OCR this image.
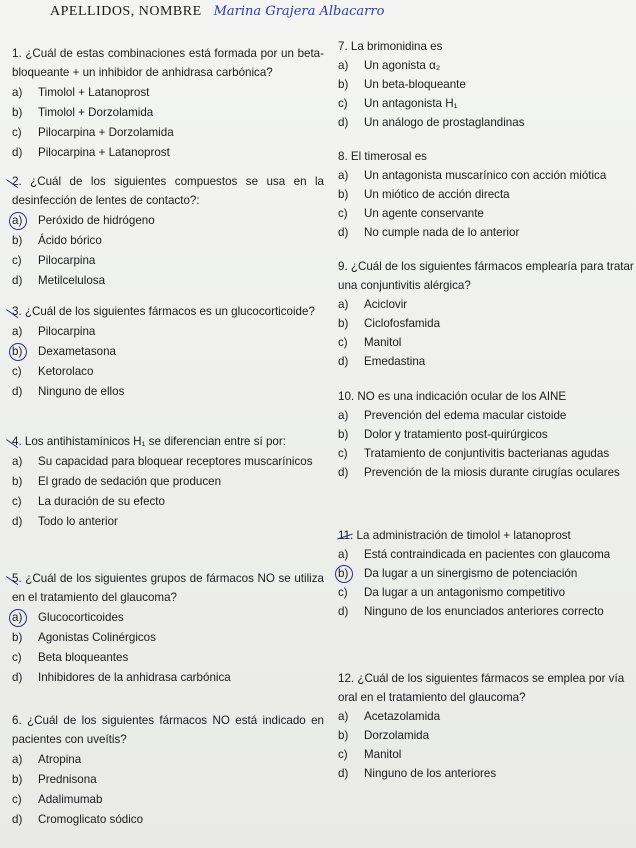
APELLIDOS, NOMBRE Marina Grajera Albacarro
1. ¿Cuál de estas combinaciones está formada por un beta-bloqueante + un inhibidor de anhidrasa carbónica?
a) Timolol + Latanoprost
b) Timolol + Dorzolamida
c) Pilocarpina + Dorzolamida
d) Pilocarpina + Latanoprost
2. ¿Cuál de los siguientes compuestos se usa en la desinfección de lentes de contacto?:
a) Peróxido de hidrógeno
b) Ácido bórico
c) Pilocarpina
d) Metilcelulosa
3. ¿Cuál de los siguientes fármacos es un glucocorticoide?
a) Pilocarpina
b) Dexametasona
c) Ketorolaco
d) Ninguno de ellos
4. Los antihistamínicos H₁ se diferencian entre sí por:
a) Su capacidad para bloquear receptores muscarínicos
b) El grado de sedación que producen
c) La duración de su efecto
d) Todo lo anterior
5. ¿Cuál de los siguientes grupos de fármacos NO se utiliza en el tratamiento del glaucoma?
a) Glucocorticoides
b) Agonistas Colinérgicos
c) Beta bloqueantes
d) Inhibidores de la anhidrasa carbónica
6. ¿Cuál de los siguientes fármacos NO está indicado en pacientes con uveítis?
a) Atropina
b) Prednisona
c) Adalimumab
d) Cromoglicato sódico
7. La brimonidina es
a) Un agonista α₂
b) Un beta-bloqueante
c) Un antagonista H₁
d) Un análogo de prostaglandinas
8. El timerosal es
a) Un antagonista muscarínico con acción miótica
b) Un miótico de acción directa
c) Un agente conservante
d) No cumple nada de lo anterior
9. ¿Cuál de los siguientes fármacos emplearía para tratar una conjuntivitis alérgica?
a) Aciclovir
b) Ciclofosfamida
c) Manitol
d) Emedastina
10. NO es una indicación ocular de los AINE
a) Prevención del edema macular cistoide
b) Dolor y tratamiento post-quirúrgicos
c) Tratamiento de conjuntivitis bacterianas agudas
d) Prevención de la miosis durante cirugías oculares
11. La administración de timolol + latanoprost
a) Está contraindicada en pacientes con glaucoma
b) Da lugar a un sinergismo de potenciación
c) Da lugar a un antagonismo competitivo
d) Ninguno de los enunciados anteriores correcto
12. ¿Cuál de los siguientes fármacos se emplea por vía oral en el tratamiento del glaucoma?
a) Acetazolamida
b) Dorzolamida
c) Manitol
d) Ninguno de los anteriores
